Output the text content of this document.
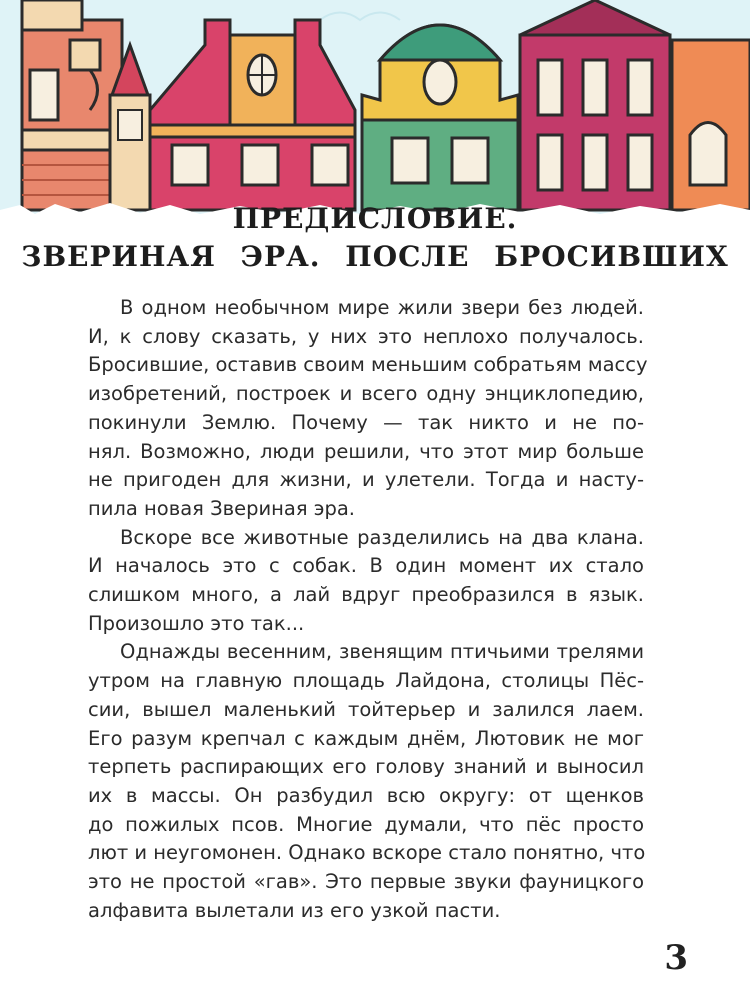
ПРЕДИСЛОВИЕ.
ЗВЕРИНАЯ ЭРА. ПОСЛЕ БРОСИВШИХ

В одном необычном мире жили звери без людей.
И, к слову сказать, у них это неплохо получалось.
Бросившие, оставив своим меньшим собратьям массу
изобретений, построек и всего одну энциклопедию,
покинули Землю. Почему — так никто и не по-
нял. Возможно, люди решили, что этот мир больше
не пригоден для жизни, и улетели. Тогда и насту-
пила новая Звериная эра.

Вскоре все животные разделились на два клана.
И началось это с собак. В один момент их стало
слишком много, а лай вдруг преобразился в язык.
Произошло это так...

Однажды весенним, звенящим птичьими трелями
утром на главную площадь Лайдона, столицы Пёс-
сии, вышел маленький тойтерьер и залился лаем.
Его разум крепчал с каждым днём, Лютовик не мог
терпеть распирающих его голову знаний и выносил
их в массы. Он разбудил всю округу: от щенков
до пожилых псов. Многие думали, что пёс просто
лют и неугомонен. Однако вскоре стало понятно, что
это не простой «гав». Это первые звуки фауницкого
алфавита вылетали из его узкой пасти.

3
